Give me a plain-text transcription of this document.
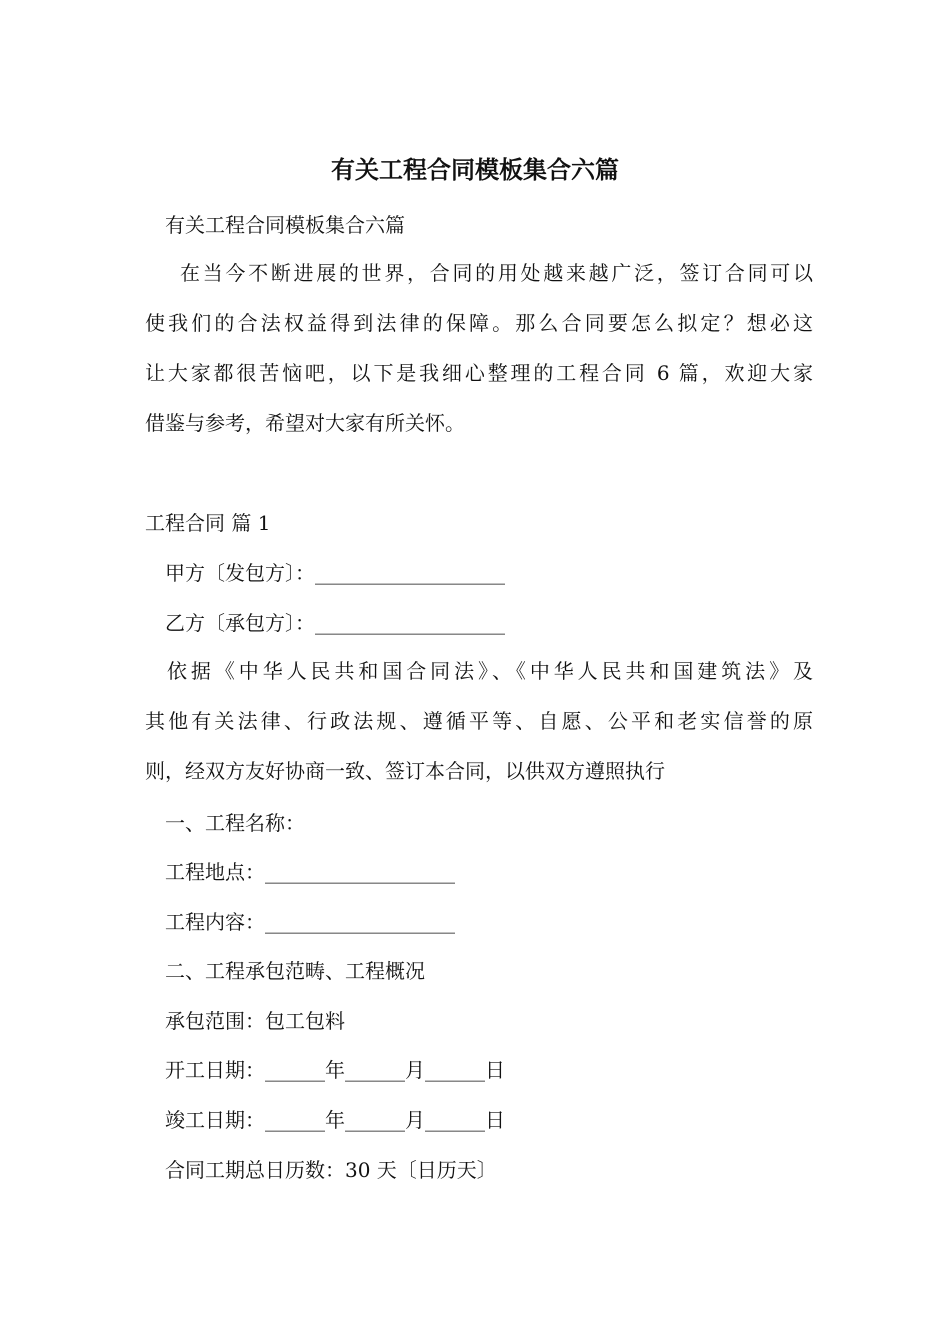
有关工程合同模板集合六篇
有关工程合同模板集合六篇
在当今不断进展的世界，合同的用处越来越广泛，签订合同可以
使我们的合法权益得到法律的保障。那么合同要怎么拟定？想必这
让大家都很苦恼吧，以下是我细心整理的工程合同 6 篇，欢迎大家
借鉴与参考，希望对大家有所关怀。
工程合同 篇 1
甲方〔发包方〕：___________________
乙方〔承包方〕：___________________
依据《中华人民共和国合同法》、《中华人民共和国建筑法》及
其他有关法律、行政法规、遵循平等、自愿、公平和老实信誉的原
则，经双方友好协商一致、签订本合同，以供双方遵照执行
一、工程名称：
工程地点：___________________
工程内容：___________________
二、工程承包范畴、工程概况
承包范围：包工包料
开工日期：______年______月______日
竣工日期：______年______月______日
合同工期总日历数：30 天〔日历天〕
